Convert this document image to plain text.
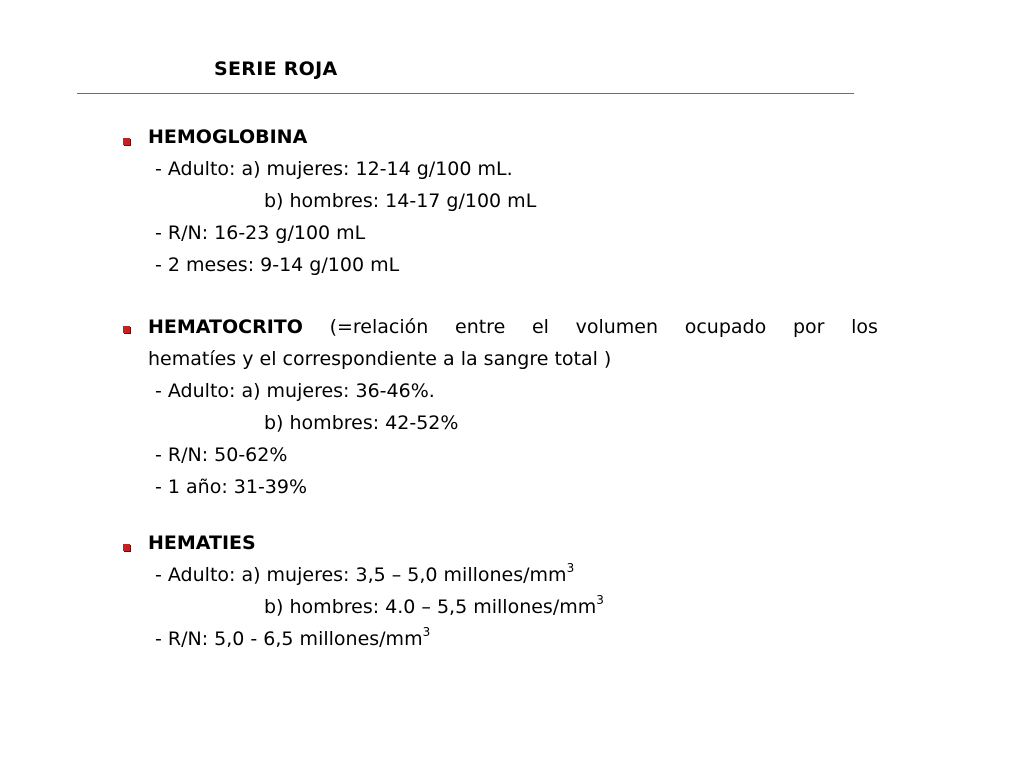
SERIE ROJA
HEMOGLOBINA
- Adulto: a) mujeres: 12-14 g/100 mL.
b) hombres: 14-17 g/100 mL
- R/N: 16-23 g/100 mL
- 2 meses: 9-14 g/100 mL
HEMATOCRITO (=relación entre el volumen ocupado por los
hematíes y el correspondiente a la sangre total )
- Adulto: a) mujeres: 36-46%.
b) hombres: 42-52%
- R/N: 50-62%
- 1 año: 31-39%
HEMATIES
- Adulto: a) mujeres: 3,5 – 5,0 millones/$mm^3$
b) hombres: 4.0 – 5,5 millones/$mm^3$
- R/N: 5,0 - 6,5 millones/$mm^3$
